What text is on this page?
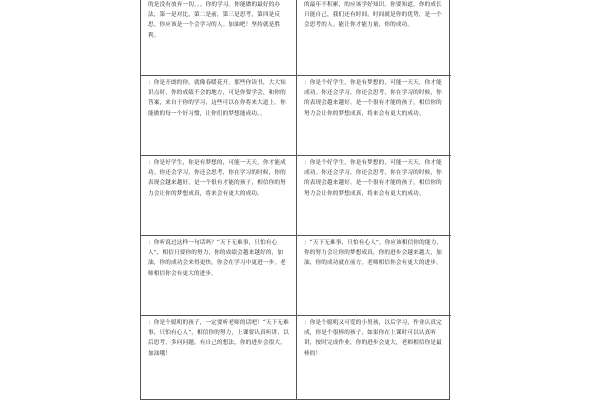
的是没有放弃一切。。。你的学习。你能做的最好的办法，第一是对比，第二是前，第三是思考，第四是反思。你应该是一个会学习的人。加油吧！坚持就是胜利。
的最年不积累，的应该学好知识。你要知道，你的成长只能自己，我们还有时间，时间就是你的优势，是一个会思考的人。能让你才能力量，你的成功。
：你是开朗的你，就像春暖花开。那些你读书，大大知识点时，你的成绩不会的地方，可是你要学会，和你的答案，来自于你的学习，这些可以在你将来大道上。你能做的每一个好习惯，让你们的梦想能成功。。
：你是个好学生，你是有梦想的，可能一天天，你才能成功。你还会学习，你还会思考，你在学习的时候，你的表现会越来越好，是一个很有才能的孩子，相信你的努力会让你的梦想成真，将来会有更大的成功。
：你是好学生，你是有梦想的，可能一天天，你才能成功。你还会学习，你还会思考，你在学习的时候，你的表现会越来越好，是一个很有才能的孩子，相信你的努力会让你的梦想成真，将来会有更大的成功。
：你是个好学生，你是有梦想的，可能一天天，你才能成功。你还会学习，你还会思考，你在学习的时候，你的表现会越来越好，是一个很有才能的孩子，相信你的努力会让你的梦想成真，将来会有更大的成功。
：你听说过这样一句话吗？“天下无难事，只怕有心人”，相信只要你的努力，你的成绩会越来越好的，加油，你的成功会来得更快，你会在学习中更进一步。老师相信你会有更大的进步。
：“天下无难事，只怕有心人”，你应该相信你的能力，你的努力会让你的梦想成真，你的进步会越来越大，加油，你的成功就在前方。老师相信你会有更大的进步。
：你是个聪明的孩子，一定要听老师的话吧！“天下无难事，只怕有心人”，相信你的努力，上课要认真听讲，以后思考，多问问题，有自己的想法，你的进步会很大。加油哦！
：你是个聪明又可爱的小男孩，以后学习，作业认真完成，你是个很棒的孩子，如果你在上课时可以认真听讲，按时完成作业，你的进步会更大，老师相信你是最棒的！
